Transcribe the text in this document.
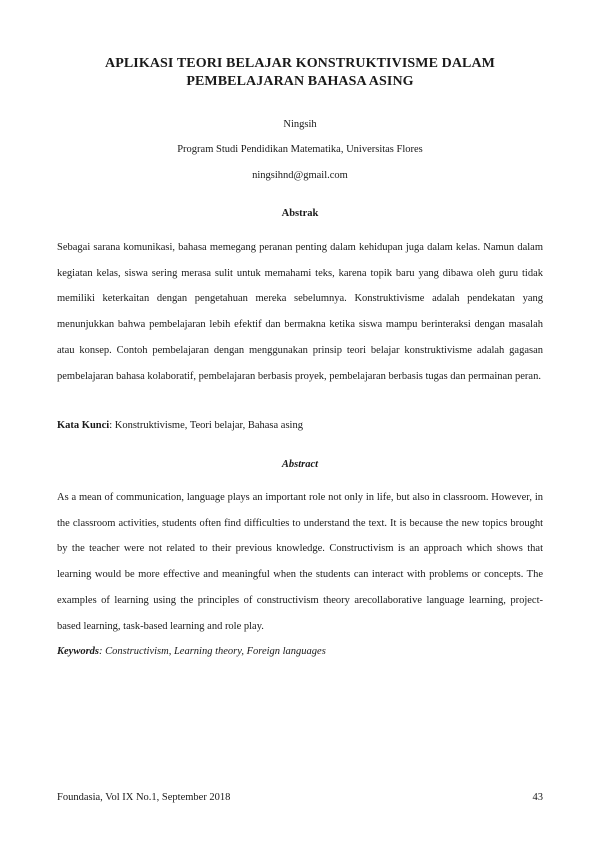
APLIKASI TEORI BELAJAR KONSTRUKTIVISME DALAM
PEMBELAJARAN BAHASA ASING
Ningsih
Program Studi Pendidikan Matematika, Universitas Flores
ningsihnd@gmail.com
Abstrak

Sebagai sarana komunikasi, bahasa memegang peranan penting dalam kehidupan juga dalam kelas. Namun dalam kegiatan kelas, siswa sering merasa sulit untuk memahami teks, karena topik baru yang dibawa oleh guru tidak memiliki keterkaitan dengan pengetahuan mereka sebelumnya. Konstruktivisme adalah pendekatan yang menunjukkan bahwa pembelajaran lebih efektif dan bermakna ketika siswa mampu berinteraksi dengan masalah atau konsep. Contoh pembelajaran dengan menggunakan prinsip teori belajar konstruktivisme adalah gagasan pembelajaran bahasa kolaboratif, pembelajaran berbasis proyek, pembelajaran berbasis tugas dan permainan peran.

Kata Kunci: Konstruktivisme, Teori belajar, Bahasa asing
Abstract

As a mean of communication, language plays an important role not only in life, but also in classroom. However, in the classroom activities, students often find difficulties to understand the text. It is because the new topics brought by the teacher were not related to their previous knowledge. Constructivism is an approach which shows that learning would be more effective and meaningful when the students can interact with problems or concepts. The examples of learning using the principles of constructivism theory arecollaborative language learning, project-based learning, task-based learning and role play.

Keywords: Constructivism, Learning theory, Foreign languages
Foundasia, Vol IX No.1, September 2018	43
